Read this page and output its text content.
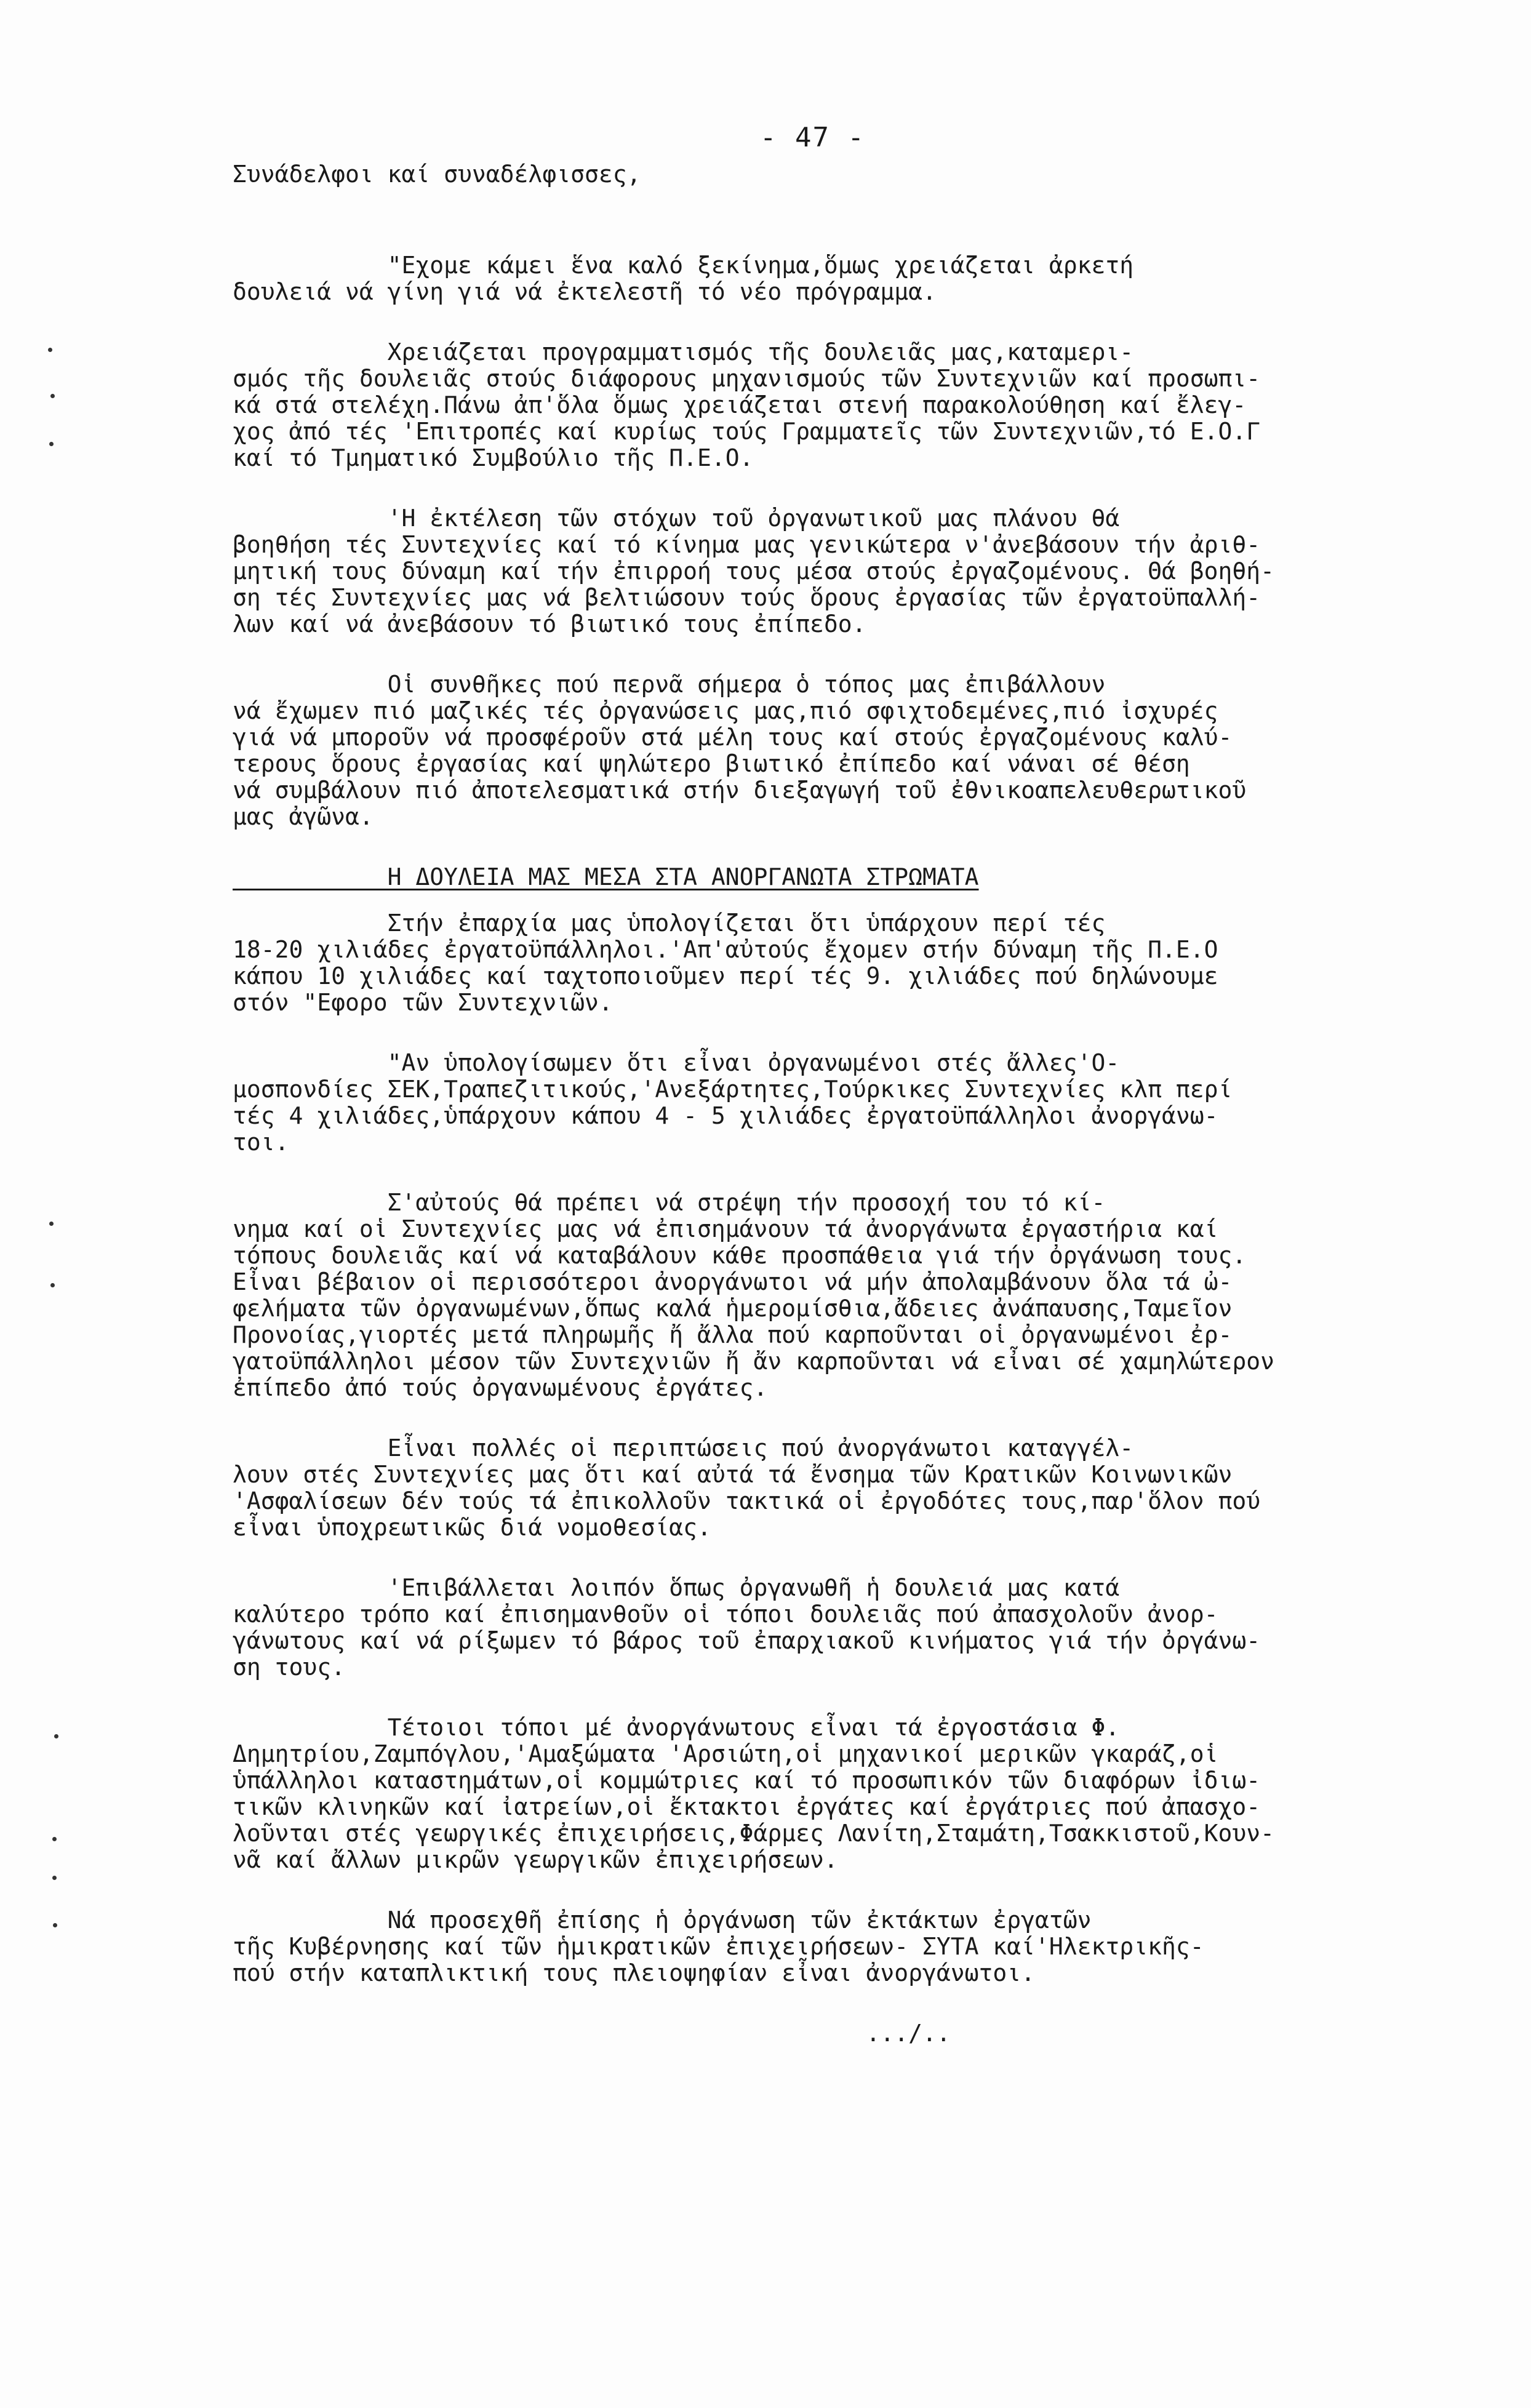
- 47 -
Συνάδελφοι καί συναδέλφισσες,
"Εχομε κάμει ἕνα καλό ξεκίνημα,ὅμως χρειάζεται ἀρκετή
δουλειά νά γίνη γιά νά ἐκτελεστῆ τό νέο πρόγραμμα.
Χρειάζεται προγραμματισμός τῆς δουλειᾶς μας,καταμερι-
σμός τῆς δουλειᾶς στούς διάφορους μηχανισμούς τῶν Συντεχνιῶν καί προσωπι-
κά στά στελέχη.Πάνω ἀπ'ὅλα ὅμως χρειάζεται στενή παρακολούθηση καί ἔλεγ-
χος ἀπό τές 'Επιτροπές καί κυρίως τούς Γραμματεῖς τῶν Συντεχνιῶν,τό Ε.Ο.Γ
καί τό Τμηματικό Συμβούλιο τῆς Π.Ε.Ο.
'Η ἐκτέλεση τῶν στόχων τοῦ ὀργανωτικοῦ μας πλάνου θά
βοηθήση τές Συντεχνίες καί τό κίνημα μας γενικώτερα ν'ἀνεβάσουν τήν ἀριθ-
μητική τους δύναμη καί τήν ἐπιρροή τους μέσα στούς ἐργαζομένους. Θά βοηθή-
ση τές Συντεχνίες μας νά βελτιώσουν τούς ὅρους ἐργασίας τῶν ἐργατοϋπαλλή-
λων καί νά ἀνεβάσουν τό βιωτικό τους ἐπίπεδο.
Οἱ συνθῆκες πού περνᾶ σήμερα ὁ τόπος μας ἐπιβάλλουν
νά ἔχωμεν πιό μαζικές τές ὀργανώσεις μας,πιό σφιχτοδεμένες,πιό ἰσχυρές
γιά νά μποροῦν νά προσφέροῦν στά μέλη τους καί στούς ἐργαζομένους καλύ-
τερους ὅρους ἐργασίας καί ψηλώτερο βιωτικό ἐπίπεδο καί νάναι σέ θέση
νά συμβάλουν πιό ἀποτελεσματικά στήν διεξαγωγή τοῦ ἐθνικοαπελευθερωτικοῦ
μας ἀγῶνα.
Η ΔΟΥΛΕΙΑ ΜΑΣ ΜΕΣΑ ΣΤΑ ΑΝΟΡΓΑΝΩΤΑ ΣΤΡΩΜΑΤΑ
Στήν ἐπαρχία μας ὑπολογίζεται ὅτι ὑπάρχουν περί τές
18-20 χιλιάδες ἐργατοϋπάλληλοι.'Απ'αὐτούς ἔχομεν στήν δύναμη τῆς Π.Ε.Ο
κάπου 10 χιλιάδες καί ταχτοποιοῦμεν περί τές 9. χιλιάδες πού δηλώνουμε
στόν "Εφορο τῶν Συντεχνιῶν.
"Αν ὑπολογίσωμεν ὅτι εἶναι ὀργανωμένοι στές ἄλλες'Ο-
μοσπονδίες ΣΕΚ,Τραπεζιτικούς,'Ανεξάρτητες,Τούρκικες Συντεχνίες κλπ περί
τές 4 χιλιάδες,ὑπάρχουν κάπου 4 - 5 χιλιάδες ἐργατοϋπάλληλοι ἀνοργάνω-
τοι.
Σ'αὐτούς θά πρέπει νά στρέψη τήν προσοχή του τό κί-
νημα καί οἱ Συντεχνίες μας νά ἐπισημάνουν τά ἀνοργάνωτα ἐργαστήρια καί
τόπους δουλειᾶς καί νά καταβάλουν κάθε προσπάθεια γιά τήν ὀργάνωση τους.
Εἶναι βέβαιον οἱ περισσότεροι ἀνοργάνωτοι νά μήν ἀπολαμβάνουν ὅλα τά ὠ-
φελήματα τῶν ὀργανωμένων,ὅπως καλά ἡμερομίσθια,ἄδειες ἀνάπαυσης,Ταμεῖον
Προνοίας,γιορτές μετά πληρωμῆς ἤ ἄλλα πού καρποῦνται οἱ ὀργανωμένοι ἐρ-
γατοϋπάλληλοι μέσον τῶν Συντεχνιῶν ἤ ἄν καρποῦνται νά εἶναι σέ χαμηλώτερον
ἐπίπεδο ἀπό τούς ὀργανωμένους ἐργάτες.
Εἶναι πολλές οἱ περιπτώσεις πού ἀνοργάνωτοι καταγγέλ-
λουν στές Συντεχνίες μας ὅτι καί αὐτά τά ἔνσημα τῶν Κρατικῶν Κοινωνικῶν
'Ασφαλίσεων δέν τούς τά ἐπικολλοῦν τακτικά οἱ ἐργοδότες τους,παρ'ὅλον πού
εἶναι ὑποχρεωτικῶς διά νομοθεσίας.
'Επιβάλλεται λοιπόν ὅπως ὀργανωθῆ ἡ δουλειά μας κατά
καλύτερο τρόπο καί ἐπισημανθοῦν οἱ τόποι δουλειᾶς πού ἀπασχολοῦν ἀνορ-
γάνωτους καί νά ρίξωμεν τό βάρος τοῦ ἐπαρχιακοῦ κινήματος γιά τήν ὀργάνω-
ση τους.
Τέτοιοι τόποι μέ ἀνοργάνωτους εἶναι τά ἐργοστάσια Φ.
Δημητρίου,Ζαμπόγλου,'Αμαξώματα 'Αρσιώτη,οἱ μηχανικοί μερικῶν γκαράζ,οἱ
ὑπάλληλοι καταστημάτων,οἱ κομμώτριες καί τό προσωπικόν τῶν διαφόρων ἰδιω-
τικῶν κλινηκῶν καί ἰατρείων,οἱ ἔκτακτοι ἐργάτες καί ἐργάτριες πού ἀπασχο-
λοῦνται στές γεωργικές ἐπιχειρήσεις,Φάρμες Λανίτη,Σταμάτη,Τσακκιστοῦ,Κουν-
νᾶ καί ἄλλων μικρῶν γεωργικῶν ἐπιχειρήσεων.
Νά προσεχθῆ ἐπίσης ἡ ὀργάνωση τῶν ἐκτάκτων ἐργατῶν
τῆς Κυβέρνησης καί τῶν ἡμικρατικῶν ἐπιχειρήσεων- ΣΥΤΑ καί'Ηλεκτρικῆς-
πού στήν καταπλικτική τους πλειοψηφίαν εἶναι ἀνοργάνωτοι.
.../..
